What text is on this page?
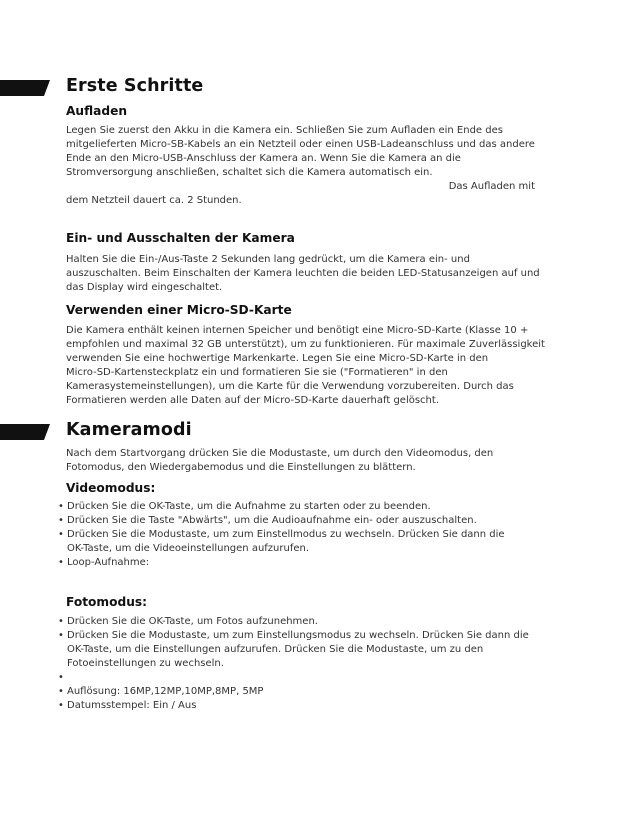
Erste Schritte
Aufladen

Legen Sie zuerst den Akku in die Kamera ein. Schließen Sie zum Aufladen ein Ende des
mitgelieferten Micro-SB-Kabels an ein Netzteil oder einen USB-Ladeanschluss und das andere
Ende an den Micro-USB-Anschluss der Kamera an. Wenn Sie die Kamera an die
Stromversorgung anschließen, schaltet sich die Kamera automatisch ein.
Das Aufladen mit
dem Netzteil dauert ca. 2 Stunden.

Ein- und Ausschalten der Kamera

Halten Sie die Ein-/Aus-Taste 2 Sekunden lang gedrückt, um die Kamera ein- und
auszuschalten. Beim Einschalten der Kamera leuchten die beiden LED-Statusanzeigen auf und
das Display wird eingeschaltet.

Verwenden einer Micro-SD-Karte

Die Kamera enthält keinen internen Speicher und benötigt eine Micro-SD-Karte (Klasse 10 +
empfohlen und maximal 32 GB unterstützt), um zu funktionieren. Für maximale Zuverlässigkeit
verwenden Sie eine hochwertige Markenkarte. Legen Sie eine Micro-SD-Karte in den
Micro-SD-Kartensteckplatz ein und formatieren Sie sie ("Formatieren" in den
Kamerasystemeinstellungen), um die Karte für die Verwendung vorzubereiten. Durch das
Formatieren werden alle Daten auf der Micro-SD-Karte dauerhaft gelöscht.

Kameramodi

Nach dem Startvorgang drücken Sie die Modustaste, um durch den Videomodus, den
Fotomodus, den Wiedergabemodus und die Einstellungen zu blättern.

Videomodus:
• Drücken Sie die OK-Taste, um die Aufnahme zu starten oder zu beenden.
• Drücken Sie die Taste "Abwärts", um die Audioaufnahme ein- oder auszuschalten.
• Drücken Sie die Modustaste, um zum Einstellmodus zu wechseln. Drücken Sie dann die
OK-Taste, um die Videoeinstellungen aufzurufen.
• Loop-Aufnahme:
Fotomodus:
• Drücken Sie die OK-Taste, um Fotos aufzunehmen.
• Drücken Sie die Modustaste, um zum Einstellungsmodus zu wechseln. Drücken Sie dann die
OK-Taste, um die Einstellungen aufzurufen. Drücken Sie die Modustaste, um zu den
Fotoeinstellungen zu wechseln.
•
• Auflösung: 16MP,12MP,10MP,8MP, 5MP
• Datumsstempel: Ein / Aus
